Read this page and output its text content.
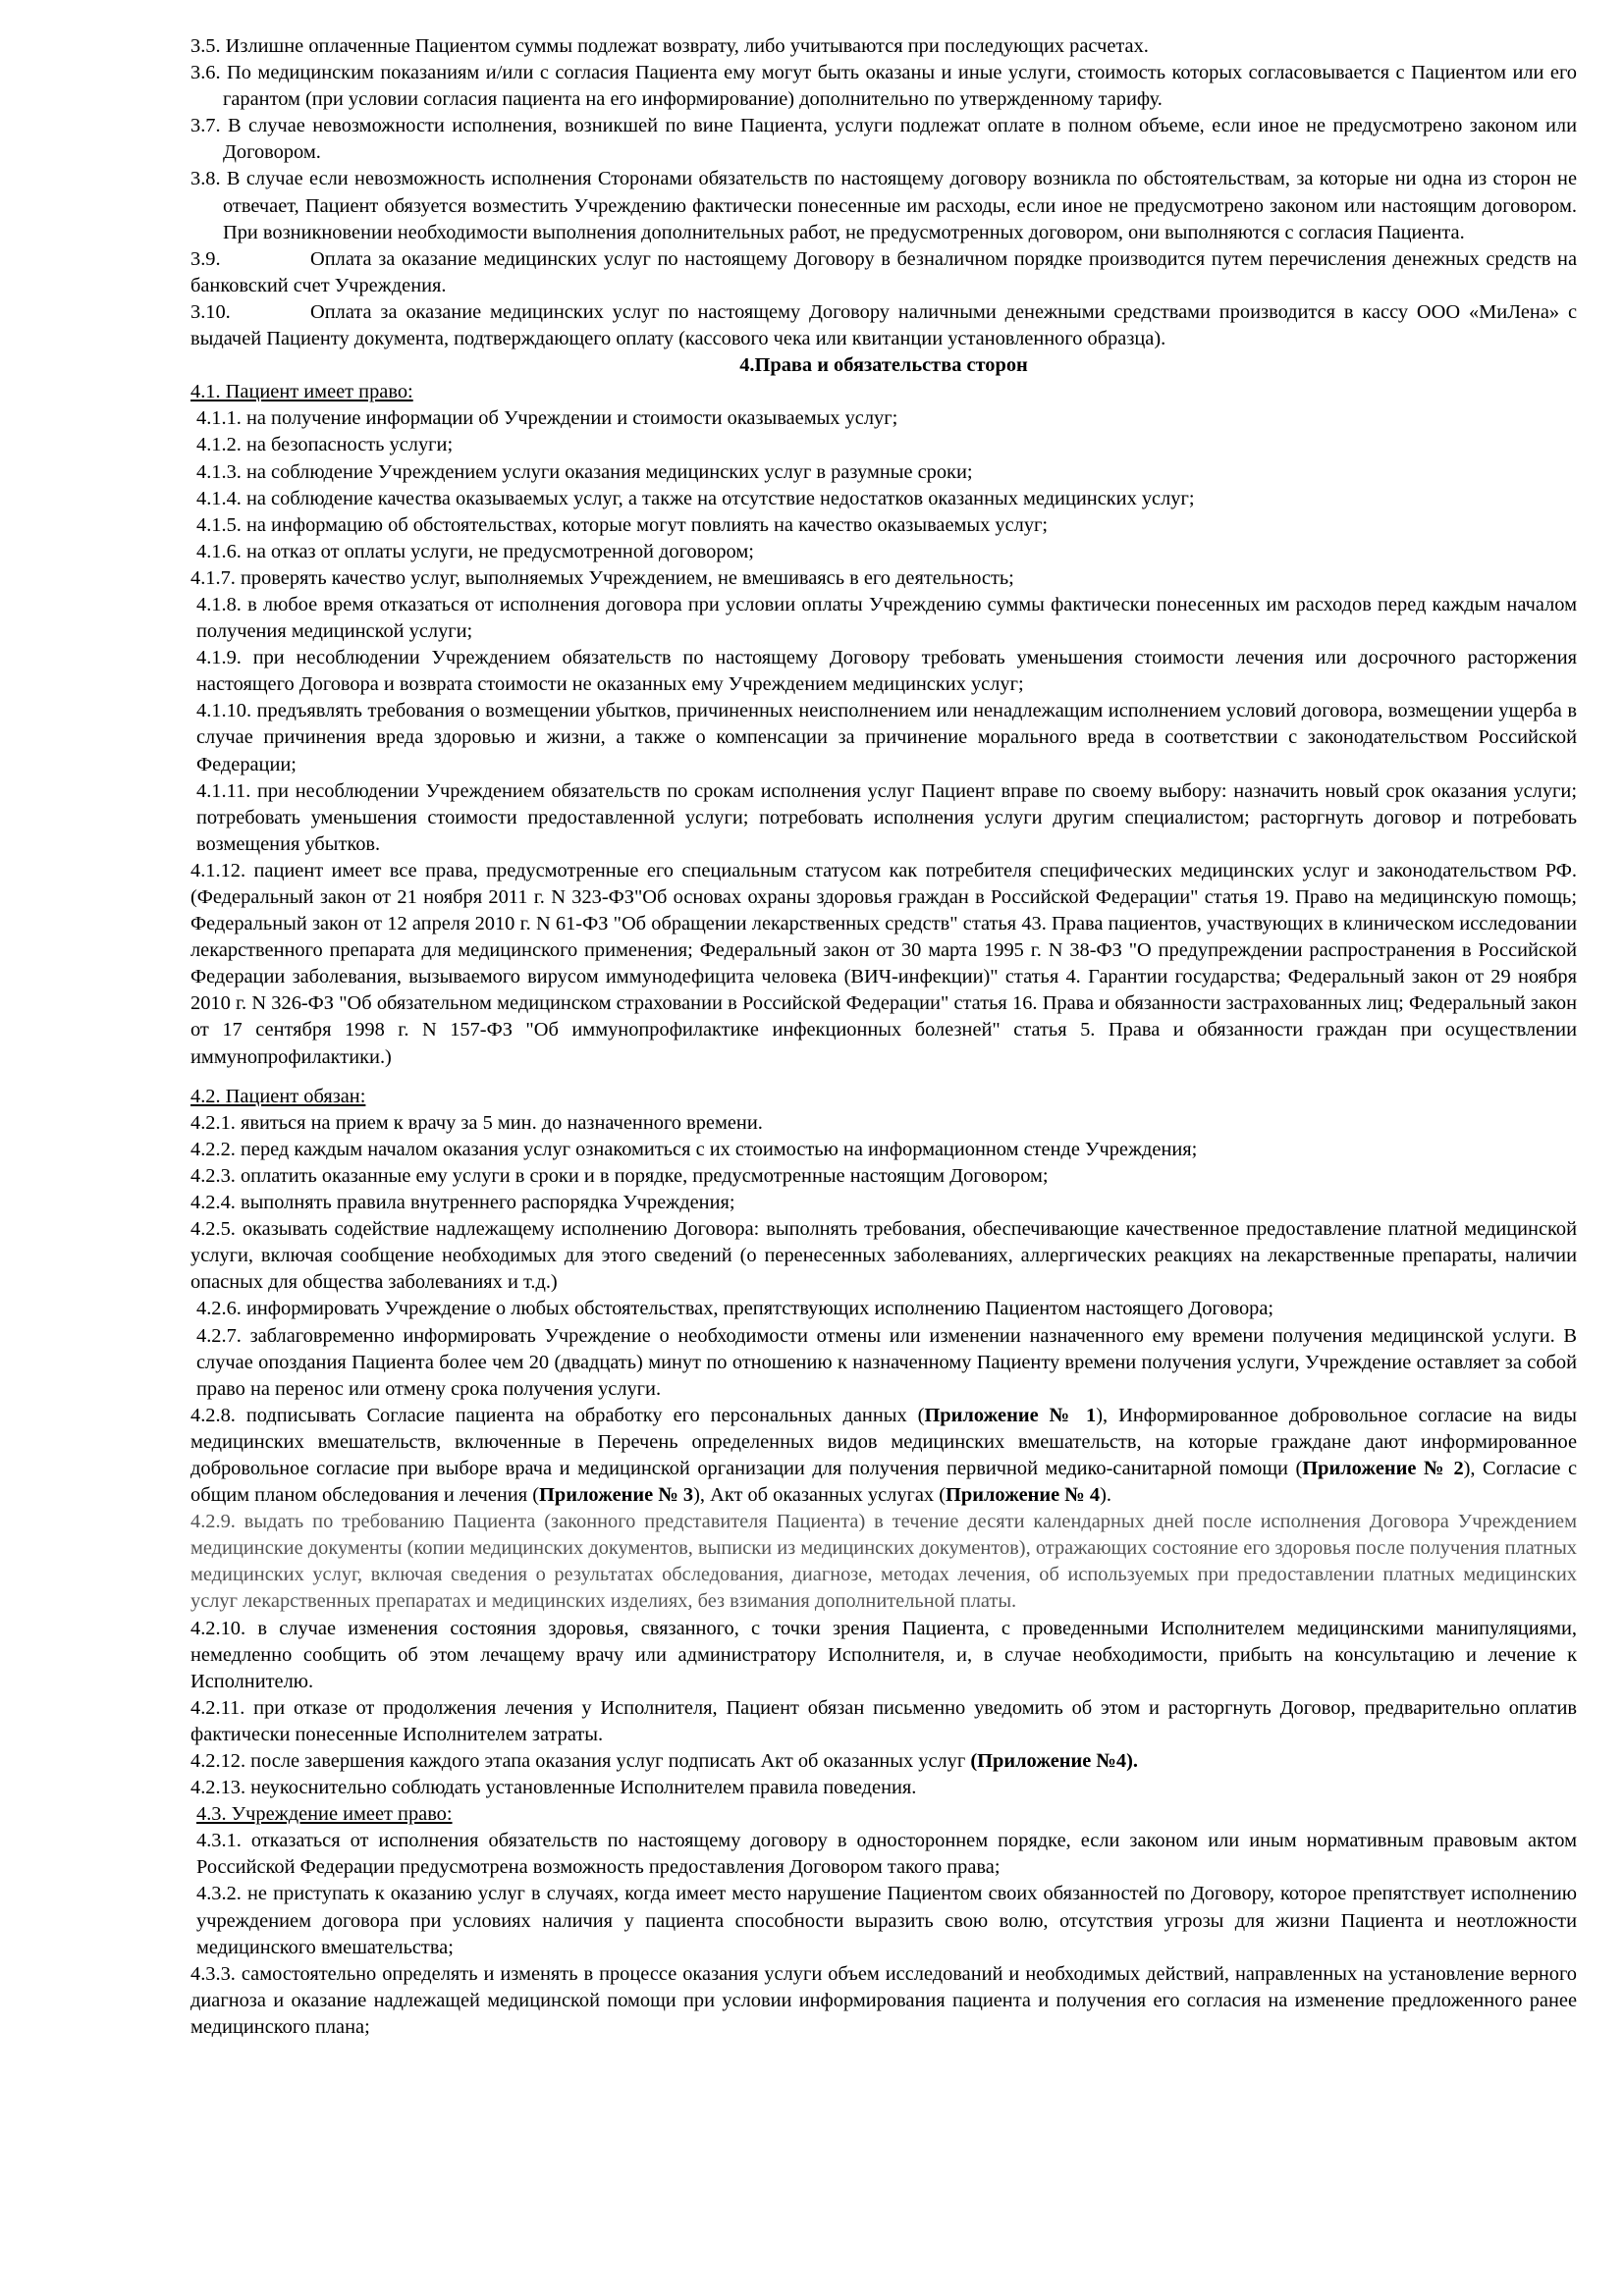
3.5. Излишне оплаченные Пациентом суммы подлежат возврату, либо учитываются при последующих расчетах.

3.6. По медицинским показаниям и/или с согласия Пациента ему могут быть оказаны и иные услуги, стоимость которых согласовывается с Пациентом или его гарантом (при условии согласия пациента на его информирование) дополнительно по утвержденному тарифу.

3.7. В случае невозможности исполнения, возникшей по вине Пациента, услуги подлежат оплате в полном объеме, если иное не предусмотрено законом или Договором.

3.8. В случае если невозможность исполнения Сторонами обязательств по настоящему договору возникла по обстоятельствам, за которые ни одна из сторон не отвечает, Пациент обязуется возместить Учреждению фактически понесенные им расходы, если иное не предусмотрено законом или настоящим договором. При возникновении необходимости выполнения дополнительных работ, не предусмотренных договором, они выполняются с согласия Пациента.

3.9.	Оплата за оказание медицинских услуг по настоящему Договору в безналичном порядке производится путем перечисления денежных средств на банковский счет Учреждения.

3.10.	Оплата за оказание медицинских услуг по настоящему Договору наличными денежными средствами производится в кассу ООО «МиЛена» с выдачей Пациенту документа, подтверждающего оплату (кассового чека или квитанции установленного образца).

4.Права и обязательства сторон

4.1. Пациент имеет право:

4.1.1. на получение информации об Учреждении и стоимости оказываемых услуг;

4.1.2. на безопасность услуги;

4.1.3. на соблюдение Учреждением услуги оказания медицинских услуг в разумные сроки;

4.1.4. на соблюдение качества оказываемых услуг, а также на отсутствие недостатков оказанных медицинских услуг;

4.1.5. на информацию об обстоятельствах, которые могут повлиять на качество оказываемых услуг;

4.1.6. на отказ от оплаты услуги, не предусмотренной договором;

4.1.7. проверять качество услуг, выполняемых Учреждением, не вмешиваясь в его деятельность;

4.1.8. в любое время отказаться от исполнения договора при условии оплаты Учреждению суммы фактически понесенных им расходов перед каждым началом получения медицинской услуги;

4.1.9. при несоблюдении Учреждением обязательств по настоящему Договору требовать уменьшения стоимости лечения или досрочного расторжения настоящего Договора и возврата стоимости не оказанных ему Учреждением медицинских услуг;

4.1.10. предъявлять требования о возмещении убытков, причиненных неисполнением или ненадлежащим исполнением условий договора, возмещении ущерба в случае причинения вреда здоровью и жизни, а также о компенсации за причинение морального вреда в соответствии с законодательством Российской Федерации;

4.1.11. при несоблюдении Учреждением обязательств по срокам исполнения услуг Пациент вправе по своему выбору: назначить новый срок оказания услуги; потребовать уменьшения стоимости предоставленной услуги; потребовать исполнения услуги другим специалистом; расторгнуть договор и потребовать возмещения убытков.

4.1.12. пациент имеет все права, предусмотренные его специальным статусом как потребителя специфических медицинских услуг и законодательством РФ. (Федеральный закон от 21 ноября 2011 г. N 323-ФЗ"Об основах охраны здоровья граждан в Российской Федерации" статья 19. Право на медицинскую помощь; Федеральный закон от 12 апреля 2010 г. N 61-ФЗ "Об обращении лекарственных средств" статья 43. Права пациентов, участвующих в клиническом исследовании лекарственного препарата для медицинского применения; Федеральный закон от 30 марта 1995 г. N 38-ФЗ "О предупреждении распространения в Российской Федерации заболевания, вызываемого вирусом иммунодефицита человека (ВИЧ-инфекции)" статья 4. Гарантии государства; Федеральный закон от 29 ноября 2010 г. N 326-ФЗ "Об обязательном медицинском страховании в Российской Федерации" статья 16. Права и обязанности застрахованных лиц; Федеральный закон от 17 сентября 1998 г. N 157-ФЗ "Об иммунопрофилактике инфекционных болезней" статья 5. Права и обязанности граждан при осуществлении иммунопрофилактики.)

4.2. Пациент обязан:

4.2.1. явиться на прием к врачу за 5 мин. до назначенного времени.

4.2.2. перед каждым началом оказания услуг ознакомиться с их стоимостью на информационном стенде Учреждения;

4.2.3. оплатить оказанные ему услуги в сроки и в порядке, предусмотренные настоящим Договором;

4.2.4. выполнять правила внутреннего распорядка Учреждения;

4.2.5. оказывать содействие надлежащему исполнению Договора: выполнять требования, обеспечивающие качественное предоставление платной медицинской услуги, включая сообщение необходимых для этого сведений (о перенесенных заболеваниях, аллергических реакциях на лекарственные препараты, наличии опасных для общества заболеваниях и т.д.)

4.2.6. информировать Учреждение о любых обстоятельствах, препятствующих исполнению Пациентом настоящего Договора;

4.2.7. заблаговременно информировать Учреждение о необходимости отмены или изменении назначенного ему времени получения медицинской услуги. В случае опоздания Пациента более чем 20 (двадцать) минут по отношению к назначенному Пациенту времени получения услуги, Учреждение оставляет за собой право на перенос или отмену срока получения услуги.

4.2.8. подписывать Согласие пациента на обработку его персональных данных (Приложение № 1), Информированное добровольное согласие на виды медицинских вмешательств, включенные в Перечень определенных видов медицинских вмешательств, на которые граждане дают информированное добровольное согласие при выборе врача и медицинской организации для получения первичной медико-санитарной помощи (Приложение № 2), Согласие с общим планом обследования и лечения (Приложение № 3), Акт об оказанных услугах (Приложение № 4).

4.2.9. выдать по требованию Пациента (законного представителя Пациента) в течение десяти календарных дней после исполнения Договора Учреждением медицинские документы (копии медицинских документов, выписки из медицинских документов), отражающих состояние его здоровья после получения платных медицинских услуг, включая сведения о результатах обследования, диагнозе, методах лечения, об используемых при предоставлении платных медицинских услуг лекарственных препаратах и медицинских изделиях, без взимания дополнительной платы.

4.2.10. в случае изменения состояния здоровья, связанного, с точки зрения Пациента, с проведенными Исполнителем медицинскими манипуляциями, немедленно сообщить об этом лечащему врачу или администратору Исполнителя, и, в случае необходимости, прибыть на консультацию и лечение к Исполнителю.

4.2.11. при отказе от продолжения лечения у Исполнителя, Пациент обязан письменно уведомить об этом и расторгнуть Договор, предварительно оплатив фактически понесенные Исполнителем затраты.

4.2.12. после завершения каждого этапа оказания услуг подписать Акт об оказанных услуг (Приложение №4).

4.2.13. неукоснительно соблюдать установленные Исполнителем правила поведения.

4.3. Учреждение имеет право:

4.3.1. отказаться от исполнения обязательств по настоящему договору в одностороннем порядке, если законом или иным нормативным правовым актом Российской Федерации предусмотрена возможность предоставления Договором такого права;

4.3.2. не приступать к оказанию услуг в случаях, когда имеет место нарушение Пациентом своих обязанностей по Договору, которое препятствует исполнению учреждением договора при условиях наличия у пациента способности выразить свою волю, отсутствия угрозы для жизни Пациента и неотложности медицинского вмешательства;

4.3.3. самостоятельно определять и изменять в процессе оказания услуги объем исследований и необходимых действий, направленных на установление верного диагноза и оказание надлежащей медицинской помощи при условии информирования пациента и получения его согласия на изменение предложенного ранее медицинского плана;
